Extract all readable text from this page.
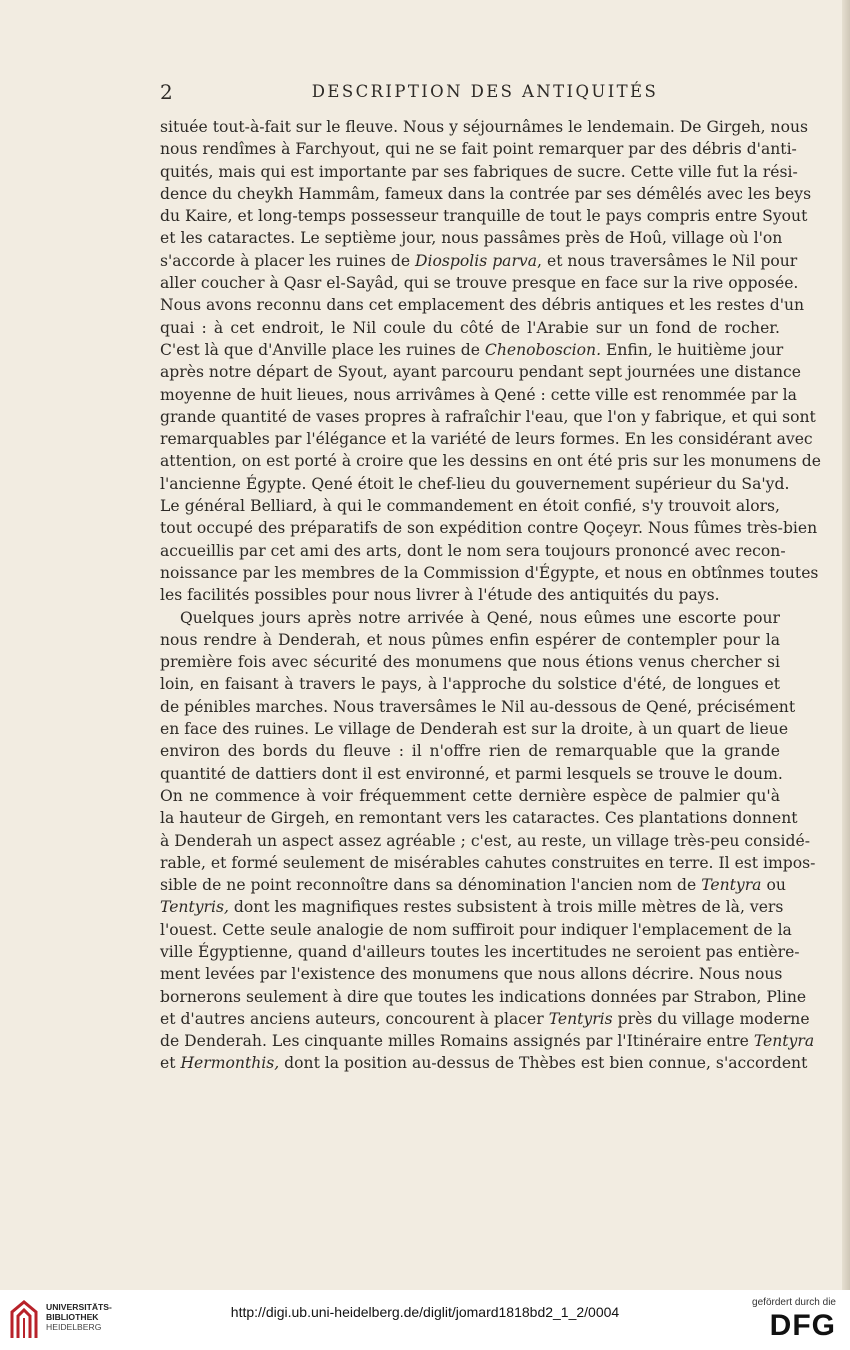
2	DESCRIPTION DES ANTIQUITÉS
située tout-à-fait sur le fleuve. Nous y séjournâmes le lendemain. De Girgeh, nous
nous rendîmes à Farchyout, qui ne se fait point remarquer par des débris d'anti-
quités, mais qui est importante par ses fabriques de sucre. Cette ville fut la rési-
dence du cheykh Hammâm, fameux dans la contrée par ses démêlés avec les beys
du Kaire, et long-temps possesseur tranquille de tout le pays compris entre Syout
et les cataractes. Le septième jour, nous passâmes près de Hoû, village où l'on
s'accorde à placer les ruines de Diospolis parva, et nous traversâmes le Nil pour
aller coucher à Qasr el-Sayâd, qui se trouve presque en face sur la rive opposée.
Nous avons reconnu dans cet emplacement des débris antiques et les restes d'un
quai : à cet endroit, le Nil coule du côté de l'Arabie sur un fond de rocher.
C'est là que d'Anville place les ruines de Chenoboscion. Enfin, le huitième jour
après notre départ de Syout, ayant parcouru pendant sept journées une distance
moyenne de huit lieues, nous arrivâmes à Qené : cette ville est renommée par la
grande quantité de vases propres à rafraîchir l'eau, que l'on y fabrique, et qui sont
remarquables par l'élégance et la variété de leurs formes. En les considérant avec
attention, on est porté à croire que les dessins en ont été pris sur les monumens de
l'ancienne Égypte. Qené étoit le chef-lieu du gouvernement supérieur du Sa'yd.
Le général Belliard, à qui le commandement en étoit confié, s'y trouvoit alors,
tout occupé des préparatifs de son expédition contre Qoçeyr. Nous fûmes très-bien
accueillis par cet ami des arts, dont le nom sera toujours prononcé avec recon-
noissance par les membres de la Commission d'Égypte, et nous en obtînmes toutes
les facilités possibles pour nous livrer à l'étude des antiquités du pays.
Quelques jours après notre arrivée à Qené, nous eûmes une escorte pour
nous rendre à Denderah, et nous pûmes enfin espérer de contempler pour la
première fois avec sécurité des monumens que nous étions venus chercher si
loin, en faisant à travers le pays, à l'approche du solstice d'été, de longues et
de pénibles marches. Nous traversâmes le Nil au-dessous de Qené, précisément
en face des ruines. Le village de Denderah est sur la droite, à un quart de lieue
environ des bords du fleuve : il n'offre rien de remarquable que la grande
quantité de dattiers dont il est environné, et parmi lesquels se trouve le doum.
On ne commence à voir fréquemment cette dernière espèce de palmier qu'à
la hauteur de Girgeh, en remontant vers les cataractes. Ces plantations donnent
à Denderah un aspect assez agréable ; c'est, au reste, un village très-peu considé-
rable, et formé seulement de misérables cahutes construites en terre. Il est impos-
sible de ne point reconnoître dans sa dénomination l'ancien nom de Tentyra ou
Tentyris, dont les magnifiques restes subsistent à trois mille mètres de là, vers
l'ouest. Cette seule analogie de nom suffiroit pour indiquer l'emplacement de la
ville Égyptienne, quand d'ailleurs toutes les incertitudes ne seroient pas entière-
ment levées par l'existence des monumens que nous allons décrire. Nous nous
bornerons seulement à dire que toutes les indications données par Strabon, Pline
et d'autres anciens auteurs, concourent à placer Tentyris près du village moderne
de Denderah. Les cinquante milles Romains assignés par l'Itinéraire entre Tentyra
et Hermonthis, dont la position au-dessus de Thèbes est bien connue, s'accordent
UNIVERSITÄTS-
BIBLIOTHEK
HEIDELBERG
http://digi.ub.uni-heidelberg.de/diglit/jomard1818bd2_1_2/0004
gefördert durch die
DFG
